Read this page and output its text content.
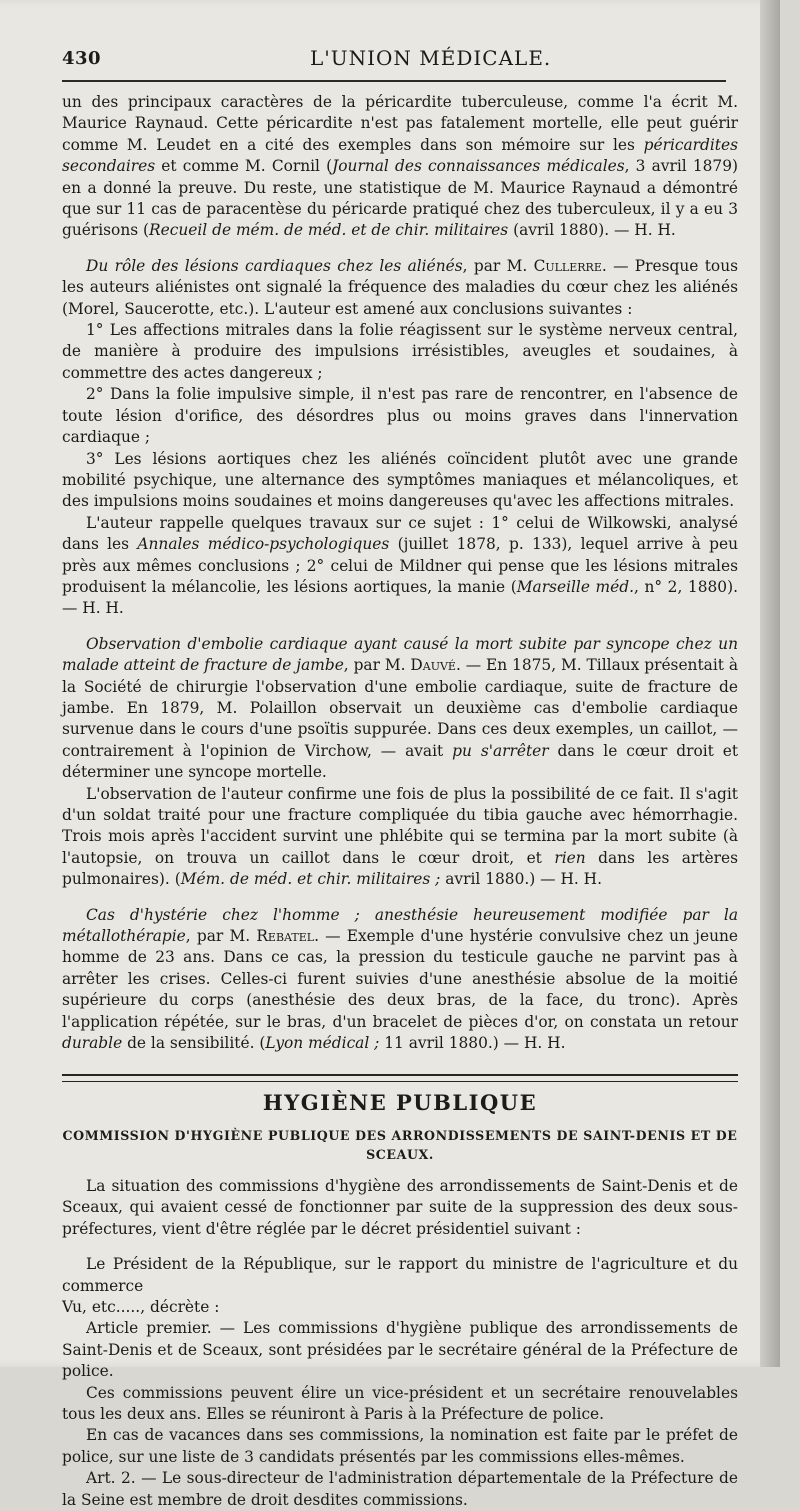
430	L'UNION MÉDICALE.

un des principaux caractères de la péricardite tuberculeuse, comme l'a écrit M. Maurice Raynaud. Cette péricardite n'est pas fatalement mortelle, elle peut guérir comme M. Leudet en a cité des exemples dans son mémoire sur les péricardites secondaires et comme M. Cornil (Journal des connaissances médicales, 3 avril 1879) en a donné la preuve. Du reste, une statistique de M. Maurice Raynaud a démontré que sur 11 cas de paracentèse du péricarde pratiqué chez des tuberculeux, il y a eu 3 guérisons (Recueil de mém. de méd. et de chir. militaires (avril 1880). — H. H.

Du rôle des lésions cardiaques chez les aliénés, par M. Cullerre. — Presque tous les auteurs aliénistes ont signalé la fréquence des maladies du cœur chez les aliénés (Morel, Saucerotte, etc.). L'auteur est amené aux conclusions suivantes :

1° Les affections mitrales dans la folie réagissent sur le système nerveux central, de manière à produire des impulsions irrésistibles, aveugles et soudaines, à commettre des actes dangereux ;

2° Dans la folie impulsive simple, il n'est pas rare de rencontrer, en l'absence de toute lésion d'orifice, des désordres plus ou moins graves dans l'innervation cardiaque ;

3° Les lésions aortiques chez les aliénés coïncident plutôt avec une grande mobilité psychique, une alternance des symptômes maniaques et mélancoliques, et des impulsions moins soudaines et moins dangereuses qu'avec les affections mitrales.

L'auteur rappelle quelques travaux sur ce sujet : 1° celui de Wilkowski, analysé dans les Annales médico-psychologiques (juillet 1878, p. 133), lequel arrive à peu près aux mêmes conclusions ; 2° celui de Mildner qui pense que les lésions mitrales produisent la mélancolie, les lésions aortiques, la manie (Marseille méd., n° 2, 1880). — H. H.

Observation d'embolie cardiaque ayant causé la mort subite par syncope chez un malade atteint de fracture de jambe, par M. Dauvé. — En 1875, M. Tillaux présentait à la Société de chirurgie l'observation d'une embolie cardiaque, suite de fracture de jambe. En 1879, M. Polaillon observait un deuxième cas d'embolie cardiaque survenue dans le cours d'une psoïtis suppurée. Dans ces deux exemples, un caillot, — contrairement à l'opinion de Virchow, — avait pu s'arrêter dans le cœur droit et déterminer une syncope mortelle.

L'observation de l'auteur confirme une fois de plus la possibilité de ce fait. Il s'agit d'un soldat traité pour une fracture compliquée du tibia gauche avec hémorrhagie. Trois mois après l'accident survint une phlébite qui se termina par la mort subite (à l'autopsie, on trouva un caillot dans le cœur droit, et rien dans les artères pulmonaires). (Mém. de méd. et chir. militaires ; avril 1880.) — H. H.

Cas d'hystérie chez l'homme ; anesthésie heureusement modifiée par la métallothérapie, par M. Rebatel. — Exemple d'une hystérie convulsive chez un jeune homme de 23 ans. Dans ce cas, la pression du testicule gauche ne parvint pas à arrêter les crises. Celles-ci furent suivies d'une anesthésie absolue de la moitié supérieure du corps (anesthésie des deux bras, de la face, du tronc). Après l'application répétée, sur le bras, d'un bracelet de pièces d'or, on constata un retour durable de la sensibilité. (Lyon médical ; 11 avril 1880.) — H. H.

HYGIÈNE PUBLIQUE

COMMISSION D'HYGIÈNE PUBLIQUE DES ARRONDISSEMENTS DE SAINT-DENIS ET DE SCEAUX.

La situation des commissions d'hygiène des arrondissements de Saint-Denis et de Sceaux, qui avaient cessé de fonctionner par suite de la suppression des deux sous-préfectures, vient d'être réglée par le décret présidentiel suivant :

Le Président de la République, sur le rapport du ministre de l'agriculture et du commerce

Vu, etc....., décrète :

Article premier. — Les commissions d'hygiène publique des arrondissements de Saint-Denis et de Sceaux, sont présidées par le secrétaire général de la Préfecture de police.

Ces commissions peuvent élire un vice-président et un secrétaire renouvelables tous les deux ans. Elles se réuniront à Paris à la Préfecture de police.

En cas de vacances dans ses commissions, la nomination est faite par le préfet de police, sur une liste de 3 candidats présentés par les commissions elles-mêmes.

Art. 2. — Le sous-directeur de l'administration départementale de la Préfecture de la Seine est membre de droit desdites commissions.
